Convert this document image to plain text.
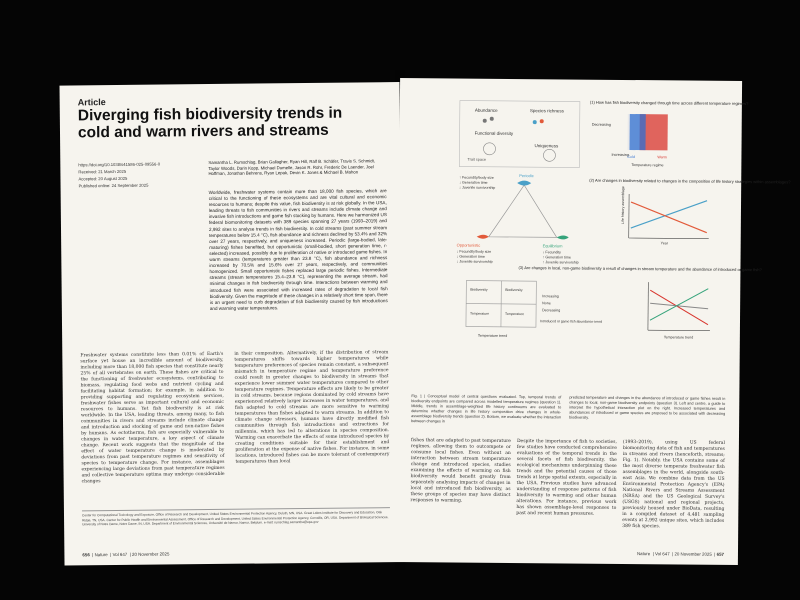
Article
Diverging fish biodiversity trends in cold and warm rivers and streams
https://doi.org/10.1038/s41586-025-09556-0
Received: 21 March 2025
Accepted: 20 August 2025
Published online: 24 September 2025
Samantha L. Rumschlag, Brian Gallagher, Ryan Hill, Ralf B. Schäfer, Travis S. Schmidt, Taylor Woods, Darin Kopp, Michael Dumelle, Jason R. Rohr, Frederic De Laender, Joel Hoffman, Jonathan Behrens, Ryan Lepak, Devin K. Jones & Michael B. Mahon
Worldwide, freshwater systems contain more than 18,000 fish species, which are critical to the functioning of these ecosystems and are vital cultural and economic resources to humans; despite this value, fish biodiversity is at risk globally. In the USA, leading threats to fish communities in rivers and streams include climate change and invasive fish introductions and game fish stocking by humans. Here we harmonized US federal biomonitoring datasets with 389 species spanning 27 years (1993–2019) and 2,992 sites to analyse trends in fish biodiversity. In cold streams (past summer stream temperatures below 15.4 °C), fish abundance and richness declined by 53.4% and 32% over 27 years, respectively, and uniqueness increased. Periodic (large-bodied, late-maturing) fishes benefited, but opportunistic (small-bodied, short generation time, r-selected) increased, possibly due to proliferation of native or introduced game fishes. In warm streams (temperatures greater than 23.8 °C), fish abundance and richness increased by 70.5% and 15.6% over 27 years, respectively, and communities homogenized. Small opportunistic fishes replaced large periodic fishes. Intermediate streams (stream temperatures 15.4–23.8 °C), representing the average stream, had minimal changes in fish biodiversity through time. Interactions between warming and introduced fish were associated with increased rates of degradation to local fish biodiversity. Given the magnitude of these changes in a relatively short time span, there is an urgent need to curb degradation of fish biodiversity caused by fish introductions and warming water temperatures.
Freshwater systems constitute less than 0.01% of Earth's surface yet house an incredible amount of biodiversity, including more than 18,000 fish species that constitute nearly 25% of all vertebrates on earth. These fishes are critical to the functioning of freshwater ecosystems, contributing to biomass, regulating food webs and nutrient cycling and facilitating habitat formation; for example, in addition to providing supporting and regulating ecosystem services, freshwater fishes serve as important cultural and economic resources to humans. Yet fish biodiversity is at risk worldwide. In the USA, leading threats, among many, to fish communities in rivers and streams include climate change and introduction and stocking of game and non-native fishes by humans. As ectotherms, fish are especially vulnerable to changes in water temperature, a key aspect of climate change. Recent work suggests that the magnitude of the effect of water temperature change is moderated by deviations from past temperature regimes and sensitivity of species to temperature change. For instance, assemblages experiencing large deviations from past temperature regimes and collective temperature optima may undergo considerable changes
in their composition. Alternatively, if the distribution of stream temperatures shifts towards higher temperatures while temperature preferences of species remain constant, a subsequent mismatch in temperature regime and temperature preference could result in greater changes to biodiversity in streams that experience lower summer water temperatures compared to other temperature regimes. Temperature effects are likely to be greater in cold streams, because regions dominated by cold streams have experienced relatively larger increases in water temperatures, and fish adapted to cold streams are more sensitive to warming temperatures than fishes adapted to warm streams. In addition to climate change stressors, humans have directly modified fish communities through fish introductions and extractions for millennia, which has led to alterations in species composition. Warming can exacerbate the effects of some introduced species by creating conditions suitable for their establishment and proliferation at the expense of native fishes. For instance, in some locations, introduced fishes can be more tolerant of contemporary temperatures than local
Center for Computational Toxicology and Exposure, Office of Research and Development, United States Environmental Protection Agency, Duluth, MN, USA. Great Lakes Institute for Discovery and Education, Oak Ridge, TN, USA. Center for Public Health and Environmental Assessment, Office of Research and Development, United States Environmental Protection Agency, Corvallis, OR, USA. Department of Biological Sciences, University of Notre Dame, Notre Dame, IN, USA. Department of Environmental Sciences, Université de Namur, Namur, Belgium. e-mail: rumschlag.samantha@epa.gov
656  | Nature  | Vol 647  | 20 November 2025
Abundance	Species richness
Functional diversity
Uniqueness
Trait space
(1) How has fish biodiversity changed through time across different temperature regimes?
Decreasing
Increasing
Cold	Warm
Temperature regime
↑ Fecundity/body size ↓ Generation time ↓ Juvenile survivorship
Periodic
Opportunistic
↓ Fecundity/body size ↓ Generation time ↓ Juvenile survivorship
Equilibrium
↓ Fecundity ↑ Generation time ↑ Juvenile survivorship
(2) Are changes in biodiversity related to changes in the composition of life history strategies within assemblages?
Year
Life history assemblage
(3) Are changes in local, non-game biodiversity a result of changes in stream temperature and the abundance of introduced or game fish?
Biodiversity	Biodiversity
Temperature	Temperature
Temperature trend
Increasing
None
Decreasing
Introduced or game fish abundance trend
Temperature trend
Fig. 1 | Conceptual model of central questions evaluated. Top, temporal trends of biodiversity endpoints are compared across modelled temperature regimes (question 1). Middle, trends in assemblage-weighted life history continuums are evaluated to determine whether changes in life history composition drive changes in whole-assemblage biodiversity trends (question 2). Bottom, we evaluate whether the interaction between changes in
predicted temperature and changes in the abundance of introduced or game fishes result in changes to local, non-game biodiversity endpoints (question 3). Left and centre, a guide to interpret the hypothetical interaction plot on the right. Increased temperatures and abundances of introduced or game species are proposed to be associated with decreasing biodiversity.
fishes that are adapted to past temperature regimes, allowing them to outcompete or consume local fishes. Even without an interaction between stream temperature change and introduced species, studies examining the effects of warming on fish biodiversity would benefit greatly from separately analysing impacts of changes in local and introduced fish biodiversity, as these groups of species may have distinct responses to warming.
Despite the importance of fish to societies, few studies have conducted comprehensive evaluations of the temporal trends in the several facets of fish biodiversity, the ecological mechanisms underpinning these trends and the potential causes of those trends at large spatial extents, especially in the USA. Previous studies have advanced understanding of response patterns of fish biodiversity to warming and other human alterations. For instance, previous work has shown assemblage-level responses to past and recent human pressures.
(1993–2019), using US federal biomonitoring data of fish and temperatures in streams and rivers (henceforth, streams; Fig. 1). Notably, the USA contains some of the most diverse temperate freshwater fish assemblages in the world, alongside south-east Asia. We combine data from the US Environmental Protection Agency's (EPA) National Rivers and Streams Assessment (NRSA) and the US Geological Survey's (USGS) national and regional projects, previously housed under BioData, resulting in a compiled dataset of 4,481 sampling events at 2,992 unique sites, which includes 389 fish species.
Nature  | Vol 647  | 20 November 2025  | 657
